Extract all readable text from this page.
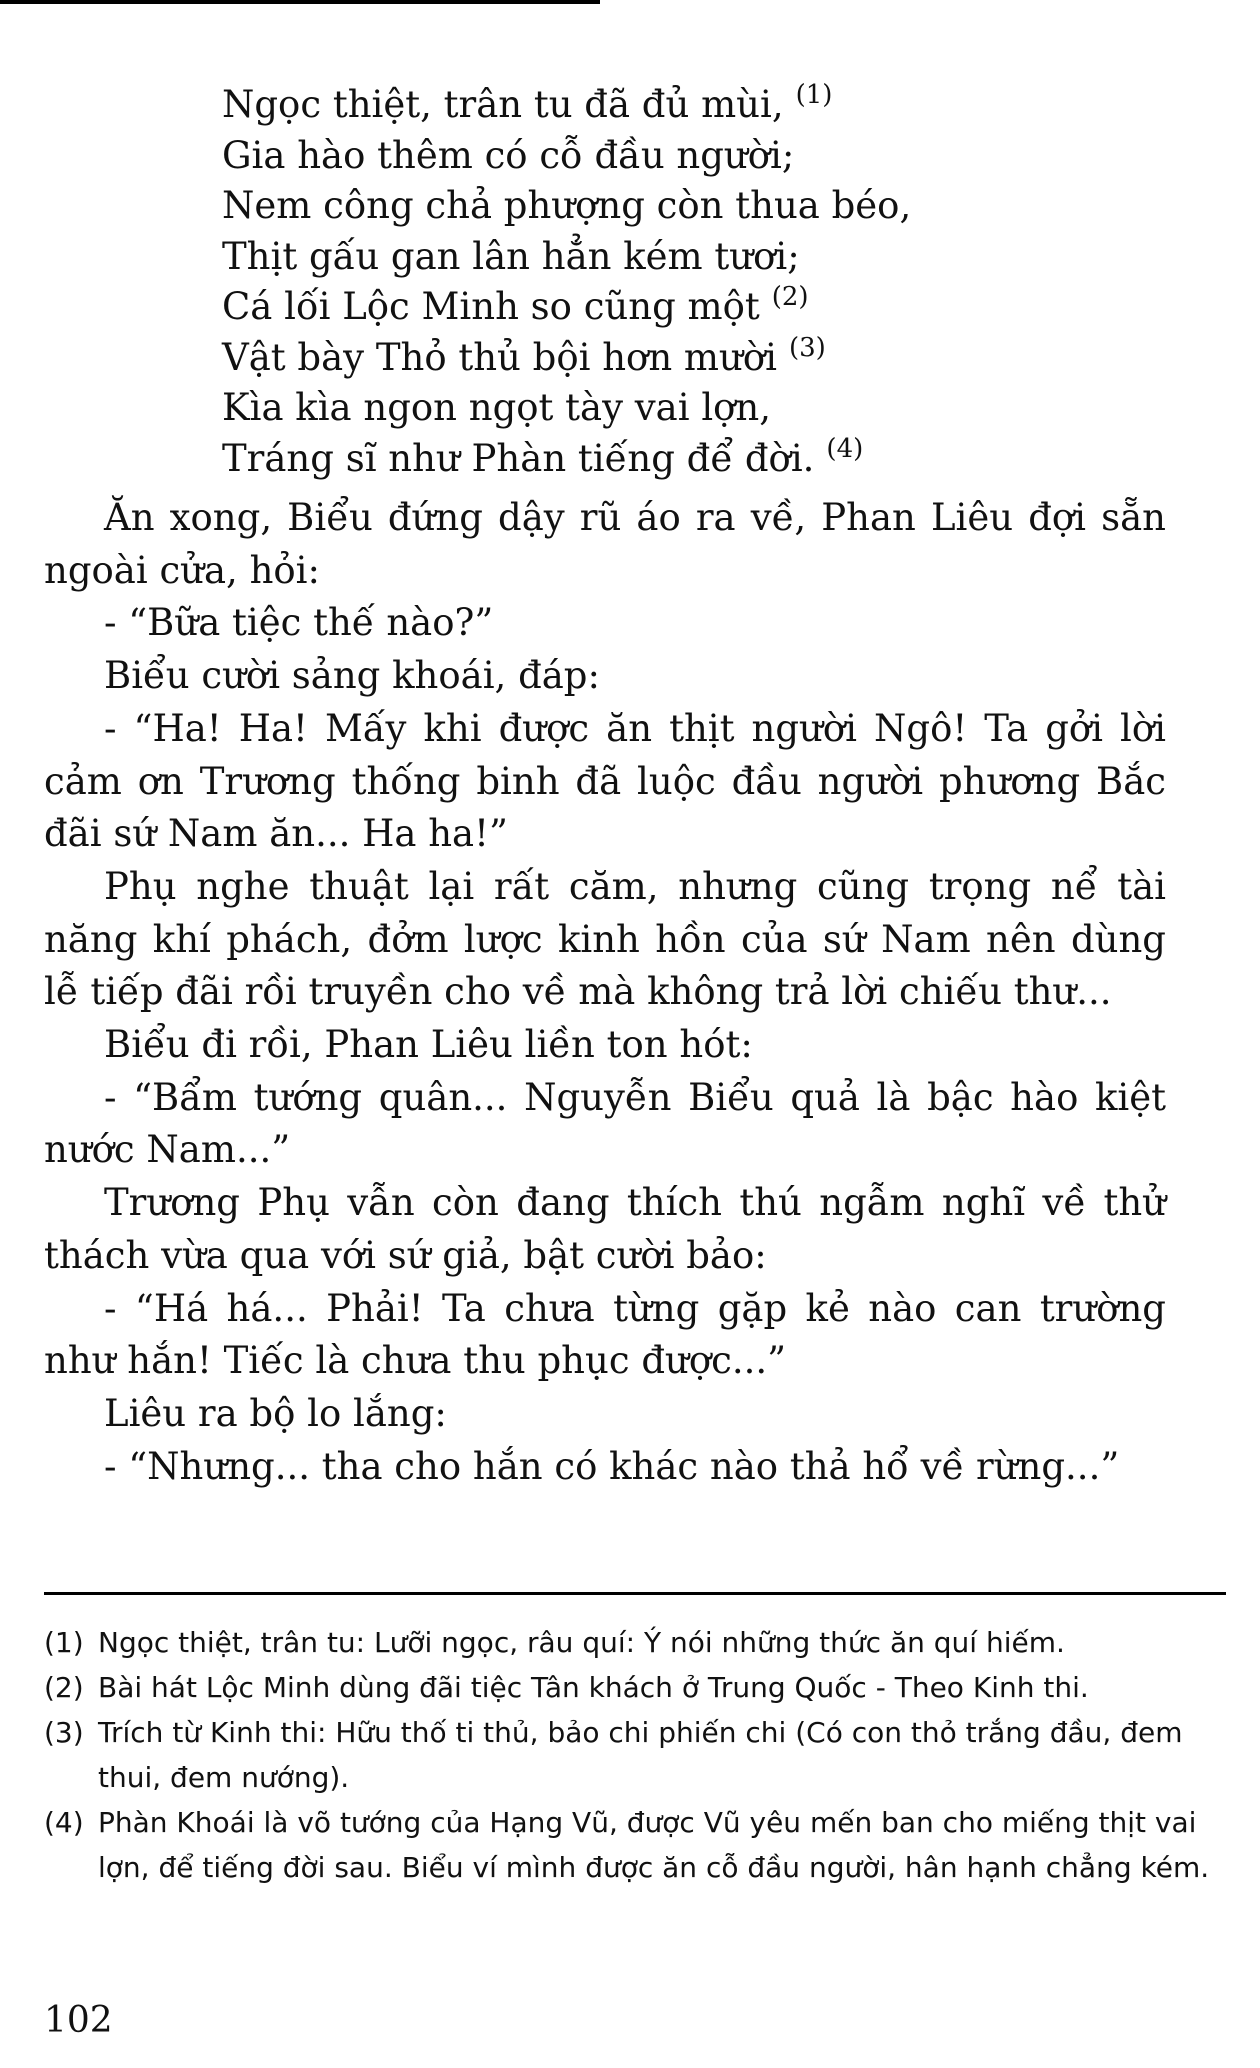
Ngọc thiệt, trân tu đã đủ mùi, $^{(1)}$
Gia hào thêm có cỗ đầu người;
Nem công chả phượng còn thua béo,
Thịt gấu gan lân hẳn kém tươi;
Cá lối Lộc Minh so cũng một $^{(2)}$
Vật bày Thỏ thủ bội hơn mười $^{(3)}$
Kìa kìa ngon ngọt tày vai lợn,
Tráng sĩ như Phàn tiếng để đời. $^{(4)}$

Ăn xong, Biểu đứng dậy rũ áo ra về, Phan Liêu đợi sẵn ngoài cửa, hỏi:

- “Bữa tiệc thế nào?”

Biểu cười sảng khoái, đáp:

- “Ha! Ha! Mấy khi được ăn thịt người Ngô! Ta gởi lời cảm ơn Trương thống binh đã luộc đầu người phương Bắc đãi sứ Nam ăn... Ha ha!”

Phụ nghe thuật lại rất căm, nhưng cũng trọng nể tài năng khí phách, đởm lược kinh hồn của sứ Nam nên dùng lễ tiếp đãi rồi truyền cho về mà không trả lời chiếu thư...

Biểu đi rồi, Phan Liêu liền ton hót:

- “Bẩm tướng quân... Nguyễn Biểu quả là bậc hào kiệt nước Nam...”

Trương Phụ vẫn còn đang thích thú ngẫm nghĩ về thử thách vừa qua với sứ giả, bật cười bảo:

- “Há há... Phải! Ta chưa từng gặp kẻ nào can trường như hắn! Tiếc là chưa thu phục được...”

Liêu ra bộ lo lắng:

- “Nhưng... tha cho hắn có khác nào thả hổ về rừng...”

(1) Ngọc thiệt, trân tu: Lưỡi ngọc, râu quí: Ý nói những thức ăn quí hiếm.
(2) Bài hát Lộc Minh dùng đãi tiệc Tân khách ở Trung Quốc - Theo Kinh thi.
(3) Trích từ Kinh thi: Hữu thố ti thủ, bảo chi phiến chi (Có con thỏ trắng đầu, đem thui, đem nướng).
(4) Phàn Khoái là võ tướng của Hạng Vũ, được Vũ yêu mến ban cho miếng thịt vai lợn, để tiếng đời sau. Biểu ví mình được ăn cỗ đầu người, hân hạnh chẳng kém.
102
